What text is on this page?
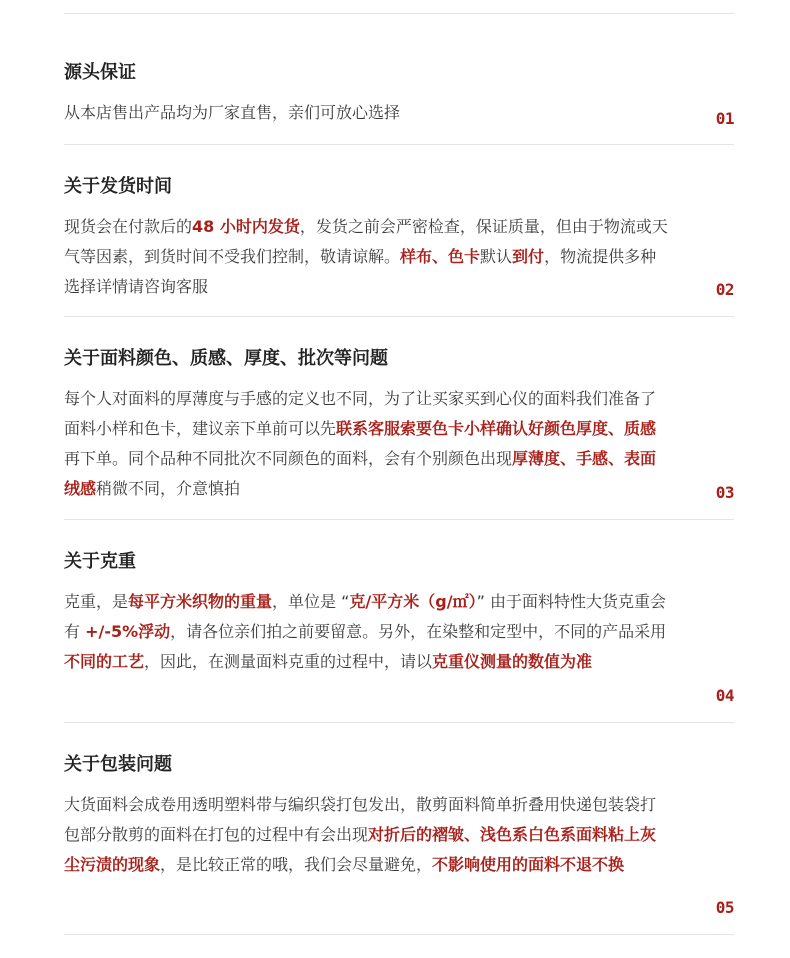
源头保证

从本店售出产品均为厂家直售，亲们可放心选择	01
关于发货时间

现货会在付款后的48 小时内发货，发货之前会严密检查，保证质量，但由于物流或天气等因素，到货时间不受我们控制，敬请谅解。样布、色卡默认到付，物流提供多种选择详情请咨询客服	02
关于面料颜色、质感、厚度、批次等问题

每个人对面料的厚薄度与手感的定义也不同，为了让买家买到心仪的面料我们准备了面料小样和色卡，建议亲下单前可以先联系客服索要色卡小样确认好颜色厚度、质感再下单。同个品种不同批次不同颜色的面料，会有个别颜色出现厚薄度、手感、表面绒感稍微不同，介意慎拍	03
关于克重

克重，是每平方米织物的重量，单位是 “克/平方米（g/㎡）” 由于面料特性大货克重会有 +/-5%浮动，请各位亲们拍之前要留意。另外，在染整和定型中，不同的产品采用不同的工艺，因此，在测量面料克重的过程中，请以克重仪测量的数值为准

04
关于包装问题

大货面料会成卷用透明塑料带与编织袋打包发出，散剪面料简单折叠用快递包装袋打包部分散剪的面料在打包的过程中有会出现对折后的褶皱、浅色系白色系面料粘上灰尘污渍的现象，是比较正常的哦，我们会尽量避免，不影响使用的面料不退不换

05
